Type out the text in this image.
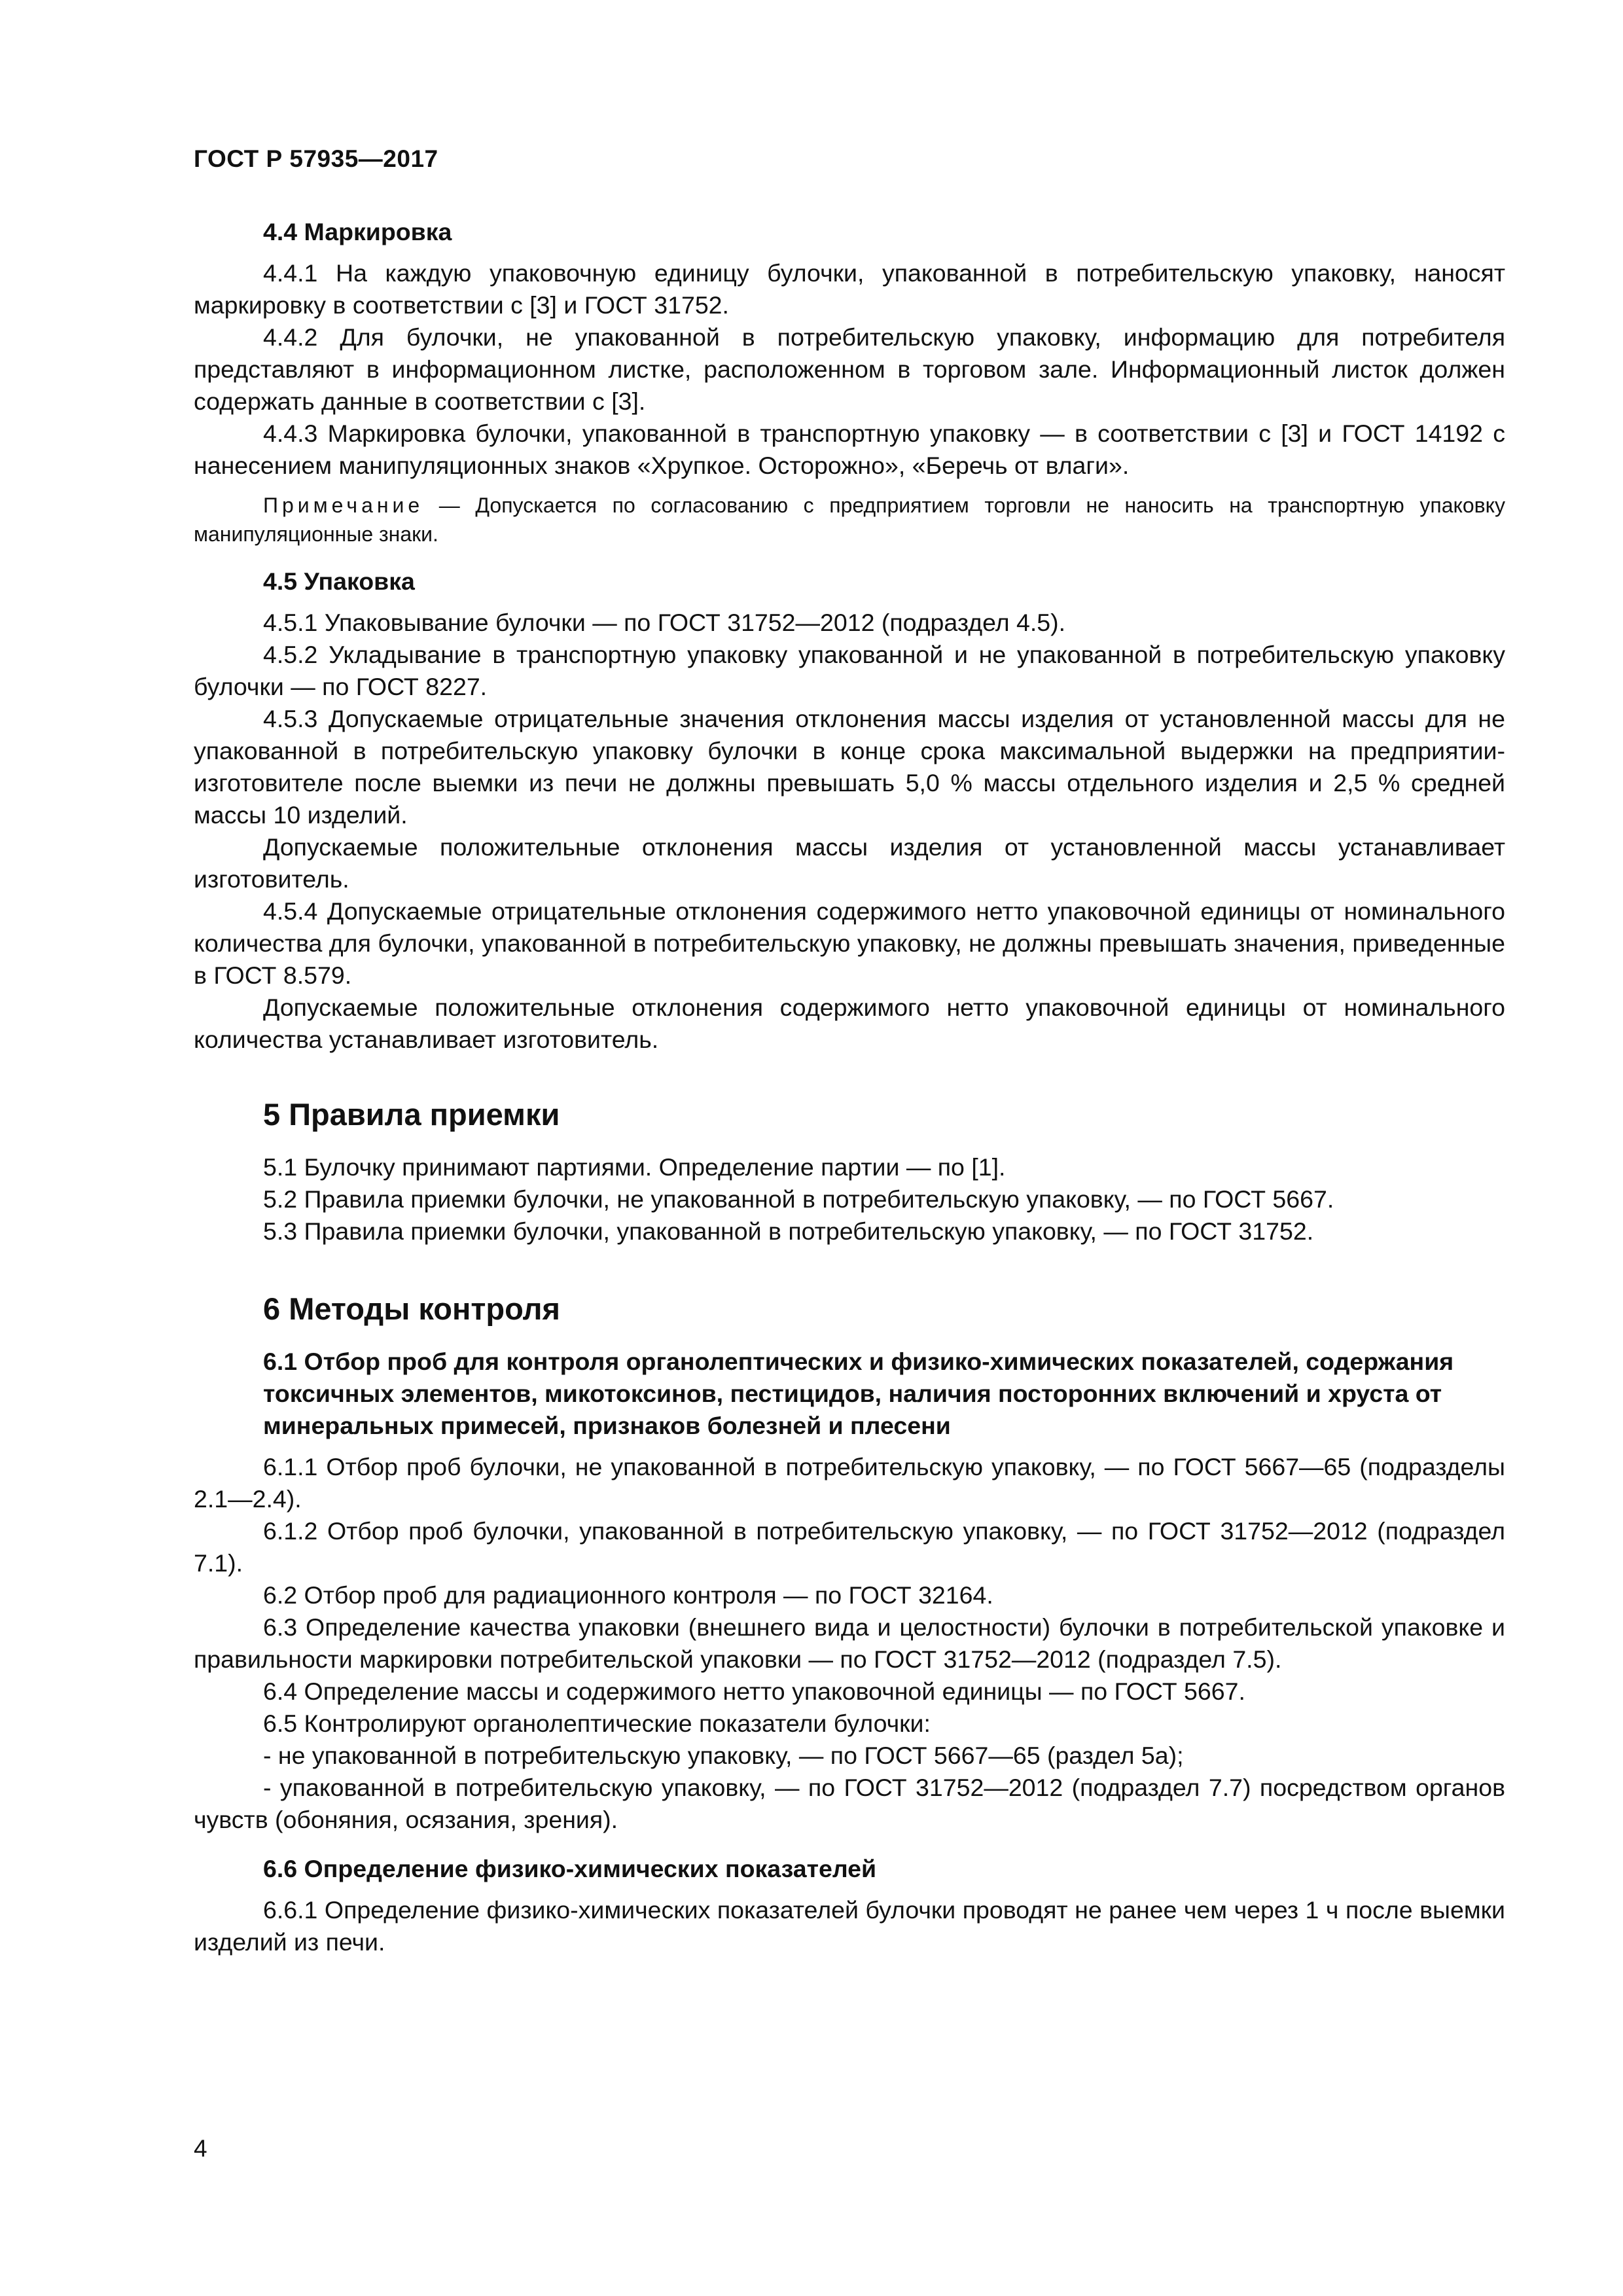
ГОСТ Р 57935—2017
4.4 Маркировка

4.4.1 На каждую упаковочную единицу булочки, упакованной в потребительскую упаковку, наносят маркировку в соответствии с [3] и ГОСТ 31752.

4.4.2 Для булочки, не упакованной в потребительскую упаковку, информацию для потребителя представляют в информационном листке, расположенном в торговом зале. Информационный листок должен содержать данные в соответствии с [3].

4.4.3 Маркировка булочки, упакованной в транспортную упаковку — в соответствии с [3] и ГОСТ 14192 с нанесением манипуляционных знаков «Хрупкое. Осторожно», «Беречь от влаги».

Примечание — Допускается по согласованию с предприятием торговли не наносить на транспортную упаковку манипуляционные знаки.

4.5 Упаковка

4.5.1 Упаковывание булочки — по ГОСТ 31752—2012 (подраздел 4.5).

4.5.2 Укладывание в транспортную упаковку упакованной и не упакованной в потребительскую упаковку булочки — по ГОСТ 8227.

4.5.3 Допускаемые отрицательные значения отклонения массы изделия от установленной массы для не упакованной в потребительскую упаковку булочки в конце срока максимальной выдержки на предприятии-изготовителе после выемки из печи не должны превышать 5,0 % массы отдельного изделия и 2,5 % средней массы 10 изделий.

Допускаемые положительные отклонения массы изделия от установленной массы устанавливает изготовитель.

4.5.4 Допускаемые отрицательные отклонения содержимого нетто упаковочной единицы от номинального количества для булочки, упакованной в потребительскую упаковку, не должны превышать значения, приведенные в ГОСТ 8.579.

Допускаемые положительные отклонения содержимого нетто упаковочной единицы от номинального количества устанавливает изготовитель.

5 Правила приемки

5.1 Булочку принимают партиями. Определение партии — по [1].

5.2 Правила приемки булочки, не упакованной в потребительскую упаковку, — по ГОСТ 5667.

5.3 Правила приемки булочки, упакованной в потребительскую упаковку, — по ГОСТ 31752.

6 Методы контроля
6.1 Отбор проб для контроля органолептических и физико-химических показателей, содержания токсичных элементов, микотоксинов, пестицидов, наличия посторонних включений и хруста от минеральных примесей, признаков болезней и плесени

6.1.1 Отбор проб булочки, не упакованной в потребительскую упаковку, — по ГОСТ 5667—65 (подразделы 2.1—2.4).

6.1.2 Отбор проб булочки, упакованной в потребительскую упаковку, — по ГОСТ 31752—2012 (подраздел 7.1).

6.2 Отбор проб для радиационного контроля — по ГОСТ 32164.

6.3 Определение качества упаковки (внешнего вида и целостности) булочки в потребительской упаковке и правильности маркировки потребительской упаковки — по ГОСТ 31752—2012 (подраздел 7.5).

6.4 Определение массы и содержимого нетто упаковочной единицы — по ГОСТ 5667.

6.5 Контролируют органолептические показатели булочки:

- не упакованной в потребительскую упаковку, — по ГОСТ 5667—65 (раздел 5а);

- упакованной в потребительскую упаковку, — по ГОСТ 31752—2012 (подраздел 7.7) посредством органов чувств (обоняния, осязания, зрения).

6.6 Определение физико-химических показателей

6.6.1 Определение физико-химических показателей булочки проводят не ранее чем через 1 ч после выемки изделий из печи.

4
